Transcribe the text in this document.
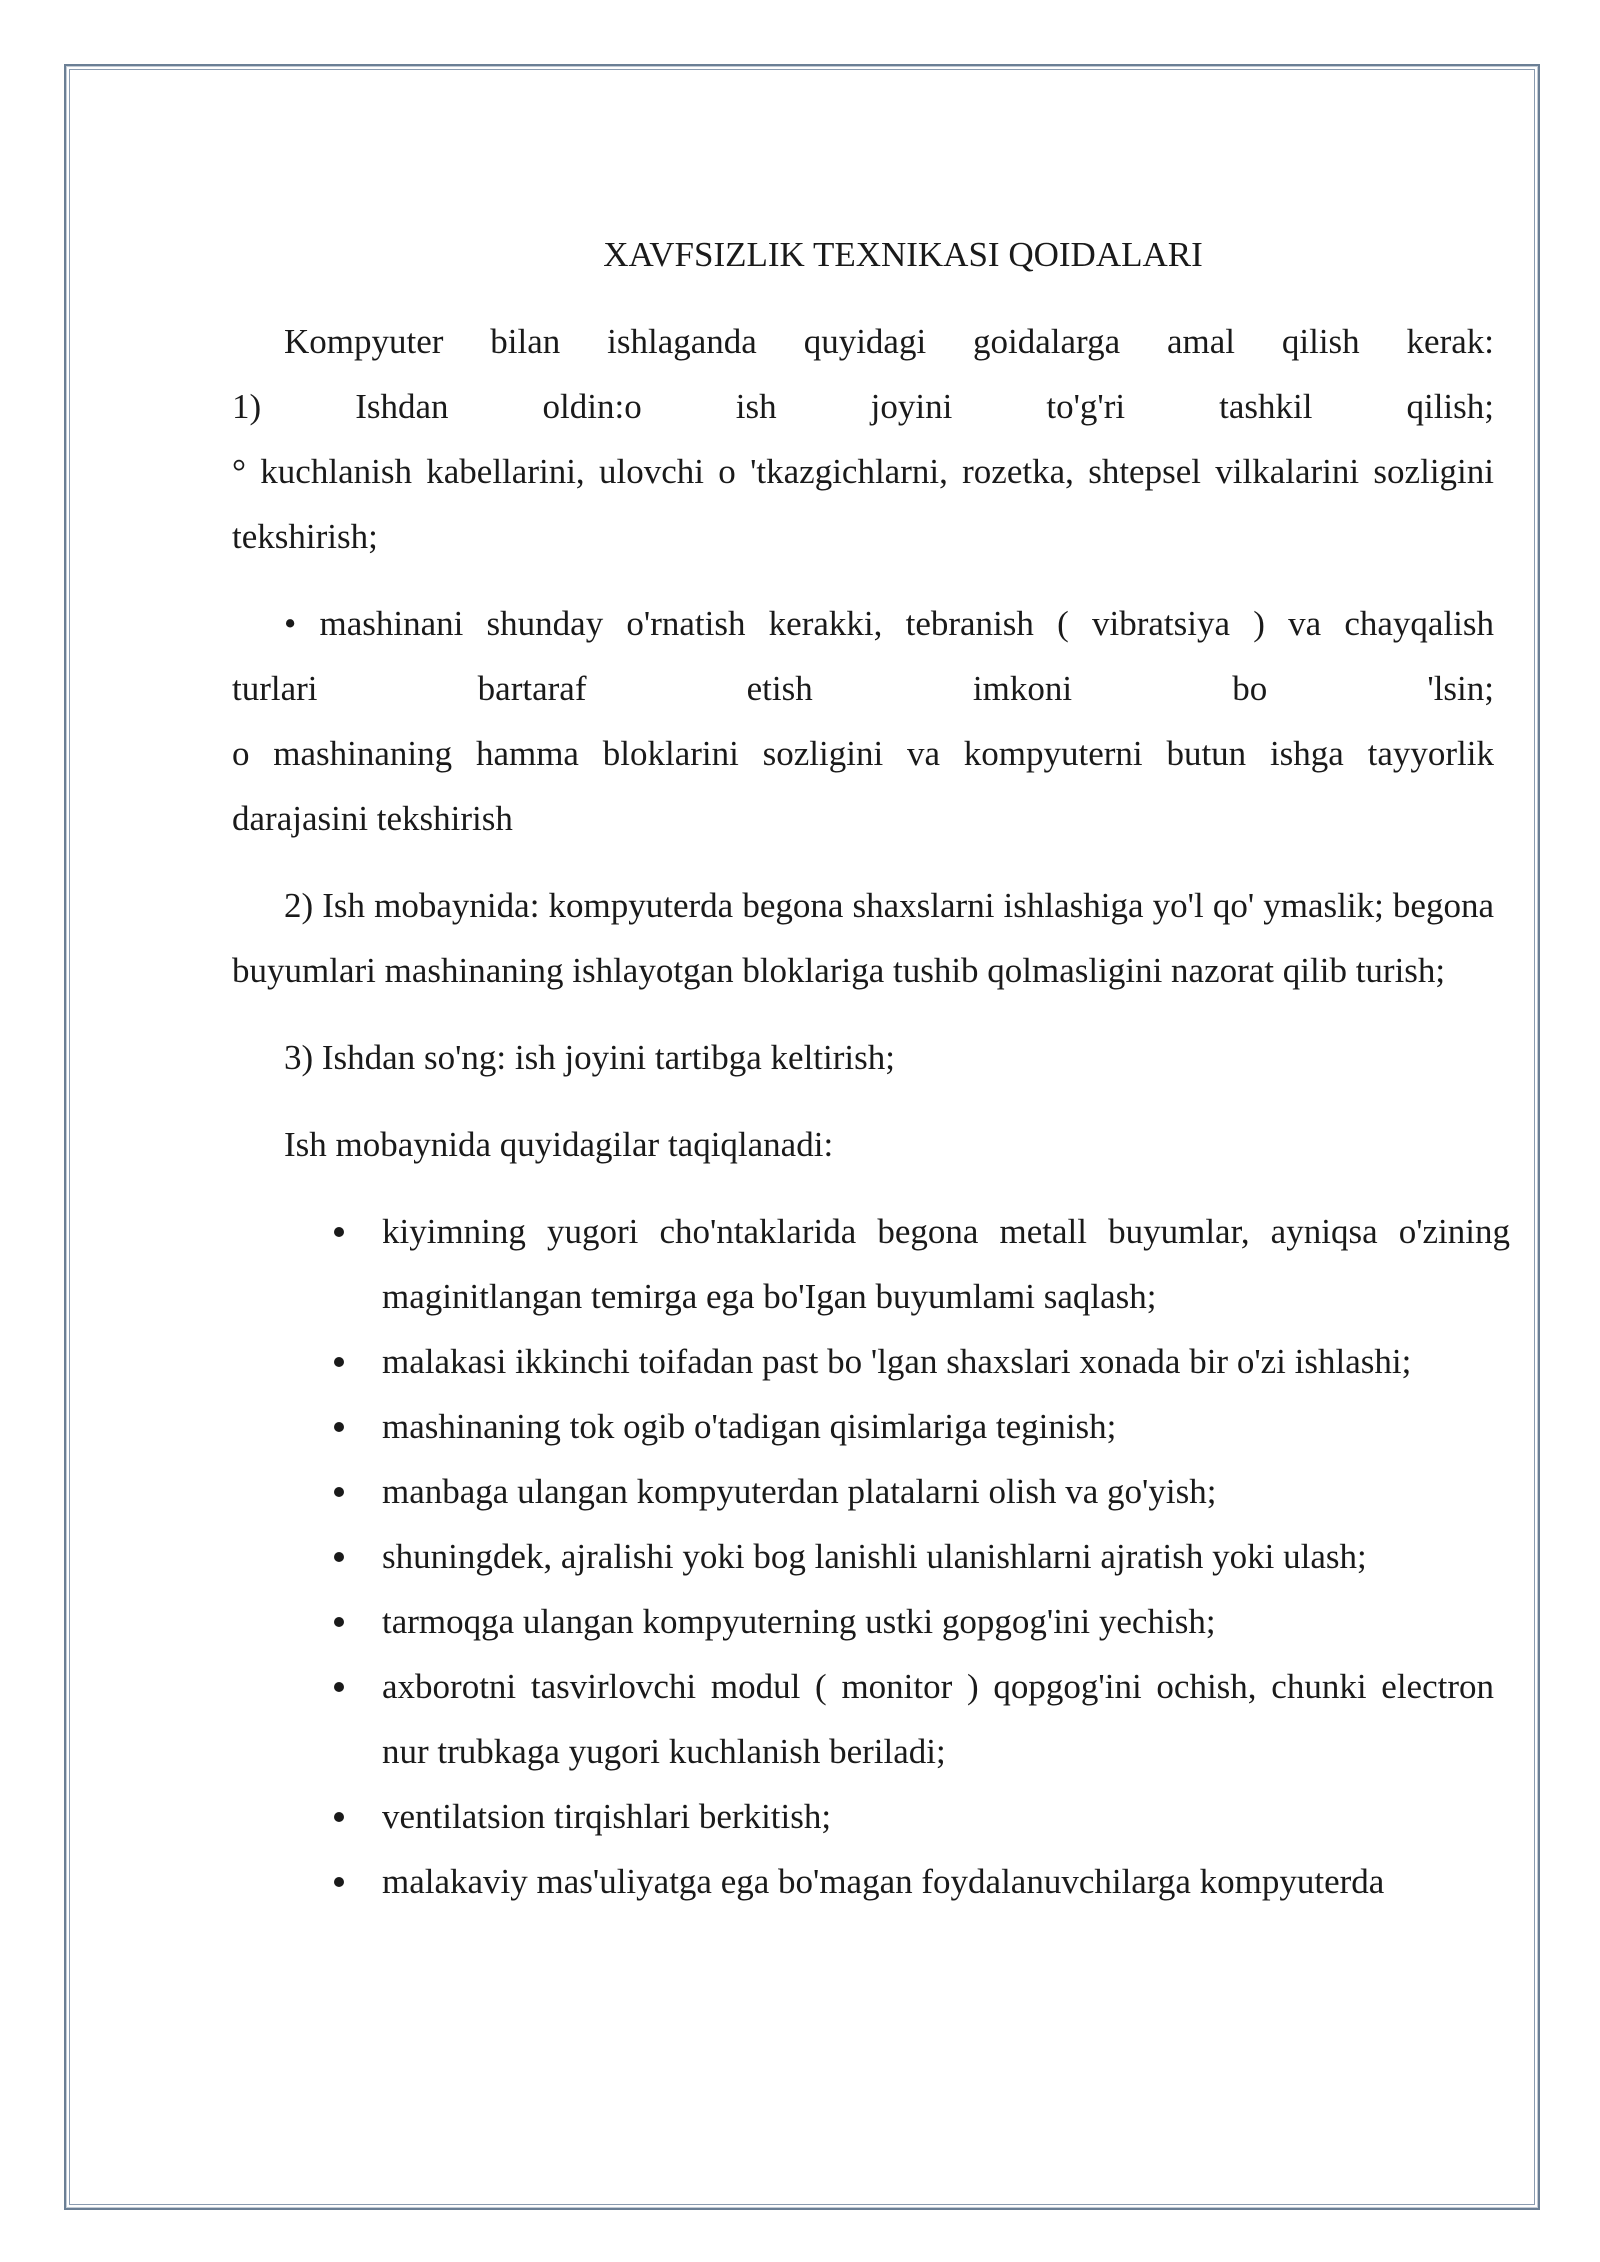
XAVFSIZLIK TEXNIKASI QOIDALARI
Kompyuter bilan ishlaganda quyidagi goidalarga amal qilish kerak:
1) Ishdan oldin:o ish joyini to'g'ri tashkil qilish;
° kuchlanish kabellarini, ulovchi o 'tkazgichlarni, rozetka, shtepsel vilkalarini sozligini tekshirish;
• mashinani shunday o'rnatish kerakki, tebranish ( vibratsiya ) va chayqalish
turlari bartaraf etish imkoni bo 'lsin;
o mashinaning hamma bloklarini sozligini va kompyuterni butun ishga tayyorlik darajasini tekshirish
2) Ish mobaynida: kompyuterda begona shaxslarni ishlashiga yo'l qo' ymaslik; begona buyumlari mashinaning ishlayotgan bloklariga tushib qolmasligini nazorat qilib turish;
3) Ishdan so'ng: ish joyini tartibga keltirish;
Ish mobaynida quyidagilar taqiqlanadi:
kiyimning yugori cho'ntaklarida begona metall buyumlar, ayniqsa o'zining maginitlangan temirga ega bo'Igan buyumlami saqlash;
malakasi ikkinchi toifadan past bo 'lgan shaxslari xonada bir o'zi ishlashi;
mashinaning tok ogib o'tadigan qisimlariga teginish;
manbaga ulangan kompyuterdan platalarni olish va go'yish;
shuningdek, ajralishi yoki bog lanishli ulanishlarni ajratish yoki ulash;
tarmoqga ulangan kompyuterning ustki gopgog'ini yechish;
axborotni tasvirlovchi modul ( monitor ) qopgog'ini ochish, chunki electron nur trubkaga yugori kuchlanish beriladi;
ventilatsion tirqishlari berkitish;
malakaviy mas'uliyatga ega bo'magan foydalanuvchilarga kompyuterda
